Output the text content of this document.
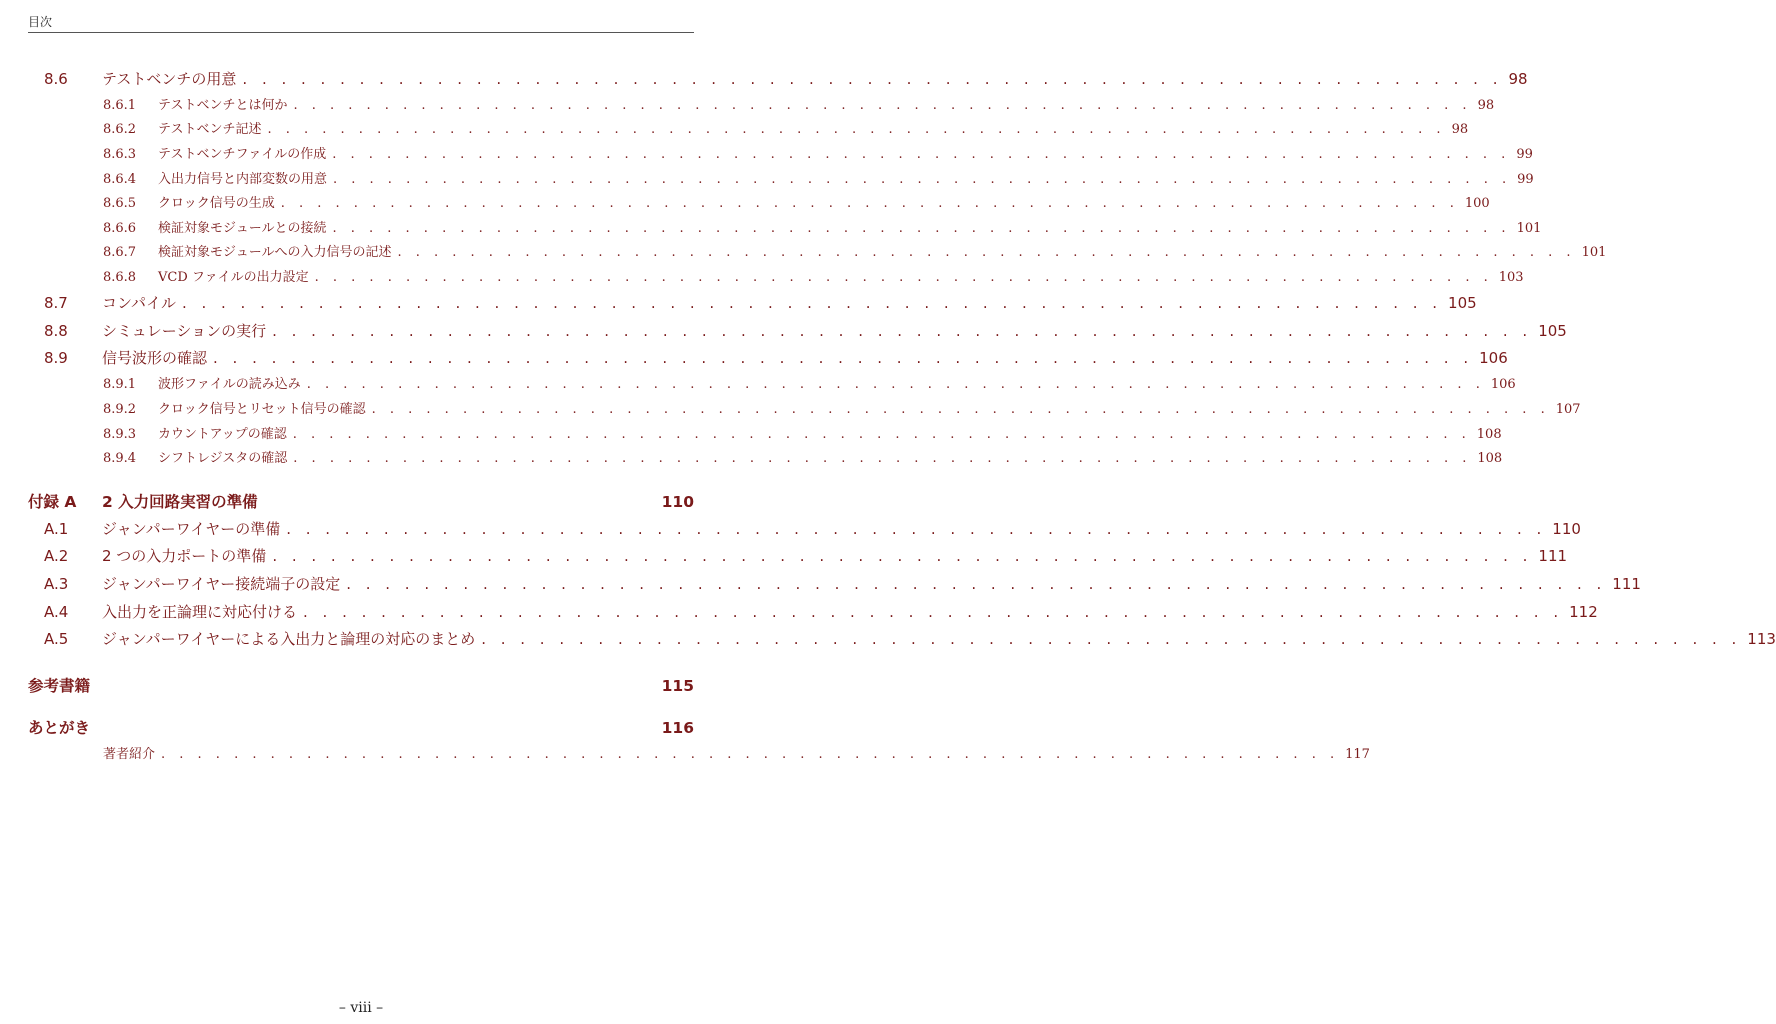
目次
8.6	テストベンチの用意 . . . . . . . . . . . . . . . . . . . . . . . . . . . . . . . . . . . . . . . . . . . . . . . . . . . . . . . . . . . . . . . . . 98
8.6.1	テストベンチとは何か . . . . . . . . . . . . . . . . . . . . . . . . . . . . . . . . . . . . . . . . . . . . . . . . . . . . . . . . . . . . . . . . . 98
8.6.2	テストベンチ記述 . . . . . . . . . . . . . . . . . . . . . . . . . . . . . . . . . . . . . . . . . . . . . . . . . . . . . . . . . . . . . . . . . 98
8.6.3	テストベンチファイルの作成 . . . . . . . . . . . . . . . . . . . . . . . . . . . . . . . . . . . . . . . . . . . . . . . . . . . . . . . . . . . . . . . . . 99
8.6.4	入出力信号と内部変数の用意 . . . . . . . . . . . . . . . . . . . . . . . . . . . . . . . . . . . . . . . . . . . . . . . . . . . . . . . . . . . . . . . . . 99
8.6.5	クロック信号の生成 . . . . . . . . . . . . . . . . . . . . . . . . . . . . . . . . . . . . . . . . . . . . . . . . . . . . . . . . . . . . . . . . . 100
8.6.6	検証対象モジュールとの接続 . . . . . . . . . . . . . . . . . . . . . . . . . . . . . . . . . . . . . . . . . . . . . . . . . . . . . . . . . . . . . . . . . 101
8.6.7	検証対象モジュールへの入力信号の記述 . . . . . . . . . . . . . . . . . . . . . . . . . . . . . . . . . . . . . . . . . . . . . . . . . . . . . . . . . . . . . . . . . 101
8.6.8	VCD ファイルの出力設定 . . . . . . . . . . . . . . . . . . . . . . . . . . . . . . . . . . . . . . . . . . . . . . . . . . . . . . . . . . . . . . . . . 103
8.7	コンパイル . . . . . . . . . . . . . . . . . . . . . . . . . . . . . . . . . . . . . . . . . . . . . . . . . . . . . . . . . . . . . . . . . 105
8.8	シミュレーションの実行 . . . . . . . . . . . . . . . . . . . . . . . . . . . . . . . . . . . . . . . . . . . . . . . . . . . . . . . . . . . . . . . . . 105
8.9	信号波形の確認 . . . . . . . . . . . . . . . . . . . . . . . . . . . . . . . . . . . . . . . . . . . . . . . . . . . . . . . . . . . . . . . . . 106
8.9.1	波形ファイルの読み込み . . . . . . . . . . . . . . . . . . . . . . . . . . . . . . . . . . . . . . . . . . . . . . . . . . . . . . . . . . . . . . . . . 106
8.9.2	クロック信号とリセット信号の確認 . . . . . . . . . . . . . . . . . . . . . . . . . . . . . . . . . . . . . . . . . . . . . . . . . . . . . . . . . . . . . . . . . 107
8.9.3	カウントアップの確認 . . . . . . . . . . . . . . . . . . . . . . . . . . . . . . . . . . . . . . . . . . . . . . . . . . . . . . . . . . . . . . . . . 108
8.9.4	シフトレジスタの確認 . . . . . . . . . . . . . . . . . . . . . . . . . . . . . . . . . . . . . . . . . . . . . . . . . . . . . . . . . . . . . . . . . 108
付録 A	2 入力回路実習の準備	110
A.1	ジャンパーワイヤーの準備 . . . . . . . . . . . . . . . . . . . . . . . . . . . . . . . . . . . . . . . . . . . . . . . . . . . . . . . . . . . . . . . . . 110
A.2	2 つの入力ポートの準備 . . . . . . . . . . . . . . . . . . . . . . . . . . . . . . . . . . . . . . . . . . . . . . . . . . . . . . . . . . . . . . . . . 111
A.3	ジャンパーワイヤー接続端子の設定 . . . . . . . . . . . . . . . . . . . . . . . . . . . . . . . . . . . . . . . . . . . . . . . . . . . . . . . . . . . . . . . . . 111
A.4	入出力を正論理に対応付ける . . . . . . . . . . . . . . . . . . . . . . . . . . . . . . . . . . . . . . . . . . . . . . . . . . . . . . . . . . . . . . . . . 112
A.5	ジャンパーワイヤーによる入出力と論理の対応のまとめ . . . . . . . . . . . . . . . . . . . . . . . . . . . . . . . . . . . . . . . . . . . . . . . . . . . . . . . . . . . . . . . . . 113
参考書籍	115
あとがき	116
著者紹介 . . . . . . . . . . . . . . . . . . . . . . . . . . . . . . . . . . . . . . . . . . . . . . . . . . . . . . . . . . . . . . . . . 117
– viii –
